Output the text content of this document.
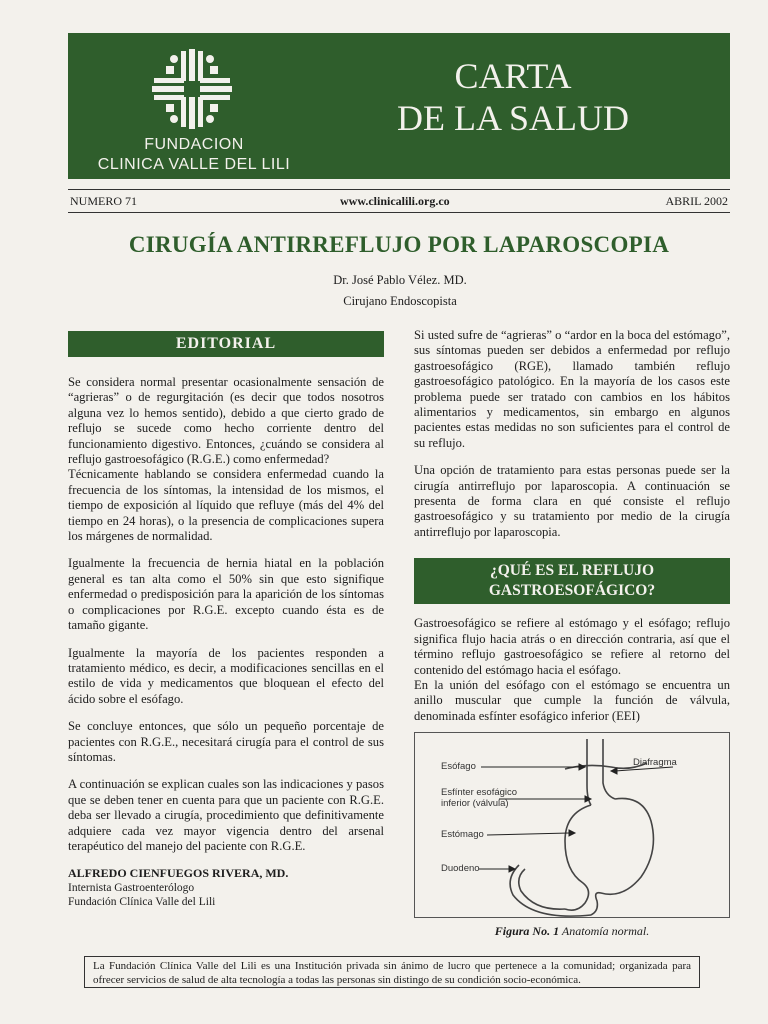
FUNDACION
CLINICA VALLE DEL LILI
CARTA
DE LA SALUD
NUMERO 71	www.clinicalili.org.co	ABRIL 2002
CIRUGÍA ANTIRREFLUJO POR LAPAROSCOPIA
Dr. José Pablo Vélez. MD.
Cirujano Endoscopista
EDITORIAL

Se considera normal presentar ocasionalmente sensación de “agrieras” o de regurgitación (es decir que todos nosotros alguna vez lo hemos sentido), debido a que cierto grado de reflujo se sucede como hecho corriente dentro del funcionamiento digestivo. Entonces, ¿cuándo se considera al reflujo gastroesofágico (R.G.E.) como enfermedad?

Técnicamente hablando se considera enfermedad cuando la frecuencia de los síntomas, la intensidad de los mismos, el tiempo de exposición al líquido que refluye (más del 4% del tiempo en 24 horas), o la presencia de complicaciones supera los márgenes de normalidad.

Igualmente la frecuencia de hernia hiatal en la población general es tan alta como el 50% sin que esto signifique enfermedad o predisposición para la aparición de los síntomas o complicaciones por R.G.E. excepto cuando ésta es de tamaño gigante.

Igualmente la mayoría de los pacientes responden a tratamiento médico, es decir, a modificaciones sencillas en el estilo de vida y medicamentos que bloquean el efecto del ácido sobre el esófago.

Se concluye entonces, que sólo un pequeño porcentaje de pacientes con R.G.E., necesitará cirugía para el control de sus síntomas.

A continuación se explican cuales son las indicaciones y pasos que se deben tener en cuenta para que un paciente con R.G.E. deba ser llevado a cirugía, procedimiento que definitivamente adquiere cada vez mayor vigencia dentro del arsenal terapéutico del manejo del paciente con R.G.E.

ALFREDO CIENFUEGOS RIVERA, MD.
Internista Gastroenterólogo
Fundación Clínica Valle del Lili

Si usted sufre de “agrieras” o “ardor en la boca del estómago”, sus síntomas pueden ser debidos a enfermedad por reflujo gastroesofágico (RGE), llamado también reflujo gastroesofágico patológico. En la mayoría de los casos este problema puede ser tratado con cambios en los hábitos alimentarios y medicamentos, sin embargo en algunos pacientes estas medidas no son suficientes para el control de su reflujo.

Una opción de tratamiento para estas personas puede ser la cirugía antirreflujo por laparoscopia. A continuación se presenta de forma clara en qué consiste el reflujo gastroesofágico y su tratamiento por medio de la cirugía antirreflujo por laparoscopia.

¿QUÉ ES EL REFLUJO
GASTROESOFÁGICO?

Gastroesofágico se refiere al estómago y el esófago; reflujo significa flujo hacia atrás o en dirección contraria, así que el término reflujo gastroesofágico se refiere al retorno del contenido del estómago hacia el esófago.

En la unión del esófago con el estómago se encuentra un anillo muscular que cumple la función de válvula, denominada esfínter esofágico inferior (EEI)

Esófago	Diafragma
Esfínter esofágico
inferior (válvula)
Estómago
Duodeno
Figura No. 1 Anatomía normal.
La Fundación Clínica Valle del Lili es una Institución privada sin ánimo de lucro que pertenece a la comunidad; organizada para ofrecer servicios de salud de alta tecnología a todas las personas sin distingo de su condición socio-económica.
